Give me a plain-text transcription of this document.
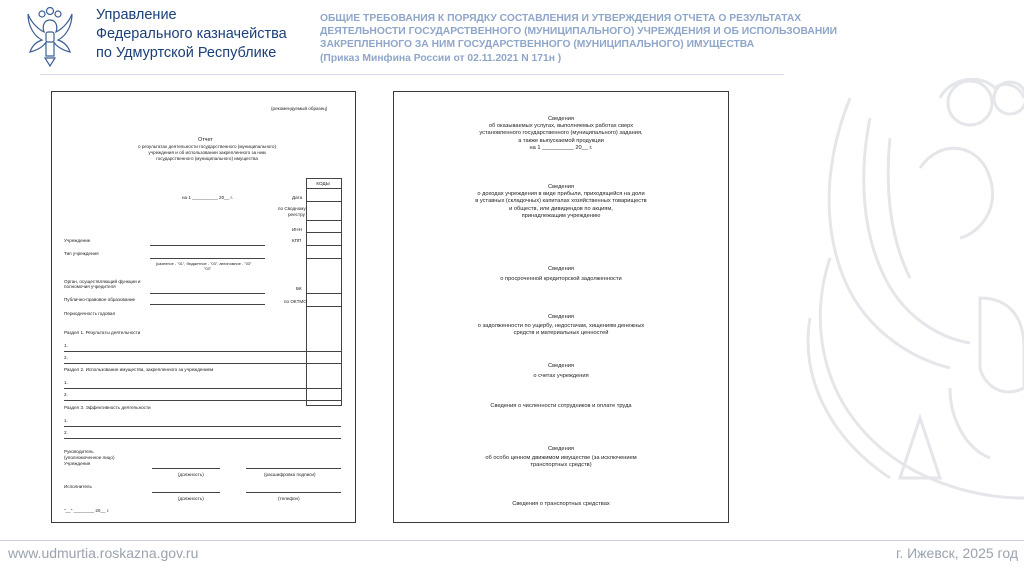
Управление
Федерального казначейства
по Удмуртской Республике
ОБЩИЕ ТРЕБОВАНИЯ К ПОРЯДКУ СОСТАВЛЕНИЯ И УТВЕРЖДЕНИЯ ОТЧЕТА О РЕЗУЛЬТАТАХ
ДЕЯТЕЛЬНОСТИ ГОСУДАРСТВЕННОГО (МУНИЦИПАЛЬНОГО) УЧРЕЖДЕНИЯ И ОБ ИСПОЛЬЗОВАНИИ
ЗАКРЕПЛЕННОГО ЗА НИМ ГОСУДАРСТВЕННОГО (МУНИЦИПАЛЬНОГО) ИМУЩЕСТВА
(Приказ Минфина России от 02.11.2021 N 171н )
(рекомендуемый образец)
Отчет
о результатах деятельности государственного (муниципального)
учреждения и об использовании закрепленного за ним
государственного (муниципального) имущества
КОДЫ
на 1 __________ 20__ г.	Дата
по Сводному
реестру
ИНН
КПП
БК
по ОКТМО
Учреждение
Тип учреждения
(казенное - "01", бюджетное - "03", автономное - "03"
"03"
Орган, осуществляющий функции и
полномочия учредителя
Публично-правовое образование
Периодичность годовая
Раздел 1. Результаты деятельности
1.
2.
Раздел 2. Использование имущества, закрепленного за учреждением
1.
2.
Раздел 3. Эффективность деятельности
1.
2.
Руководитель
(уполномоченное лицо)
Учреждения
(должность)	(расшифровка подписи)
Исполнитель
(должность)	(телефон)
"__" ________ 20__ г.
Сведения
об оказываемых услугах, выполняемых работах сверх
установленного государственного (муниципального) задания,
а также выпускаемой продукции
на 1 __________ 20__ г.
Сведения
о доходах учреждения в виде прибыли, приходящейся на доли
в уставных (складочных) капиталах хозяйственных товариществ
и обществ, или дивидендов по акциям,
принадлежащим учреждению
Сведения
о просроченной кредиторской задолженности
Сведения
о задолженности по ущербу, недостачам, хищениям денежных
средств и материальных ценностей
Сведения
о счетах учреждения
Сведения о численности сотрудников и оплате труда
Сведения
об особо ценном движимом имуществе (за исключением
транспортных средств)
Сведения о транспортных средствах
www.udmurtia.roskazna.gov.ru	г. Ижевск, 2025 год
